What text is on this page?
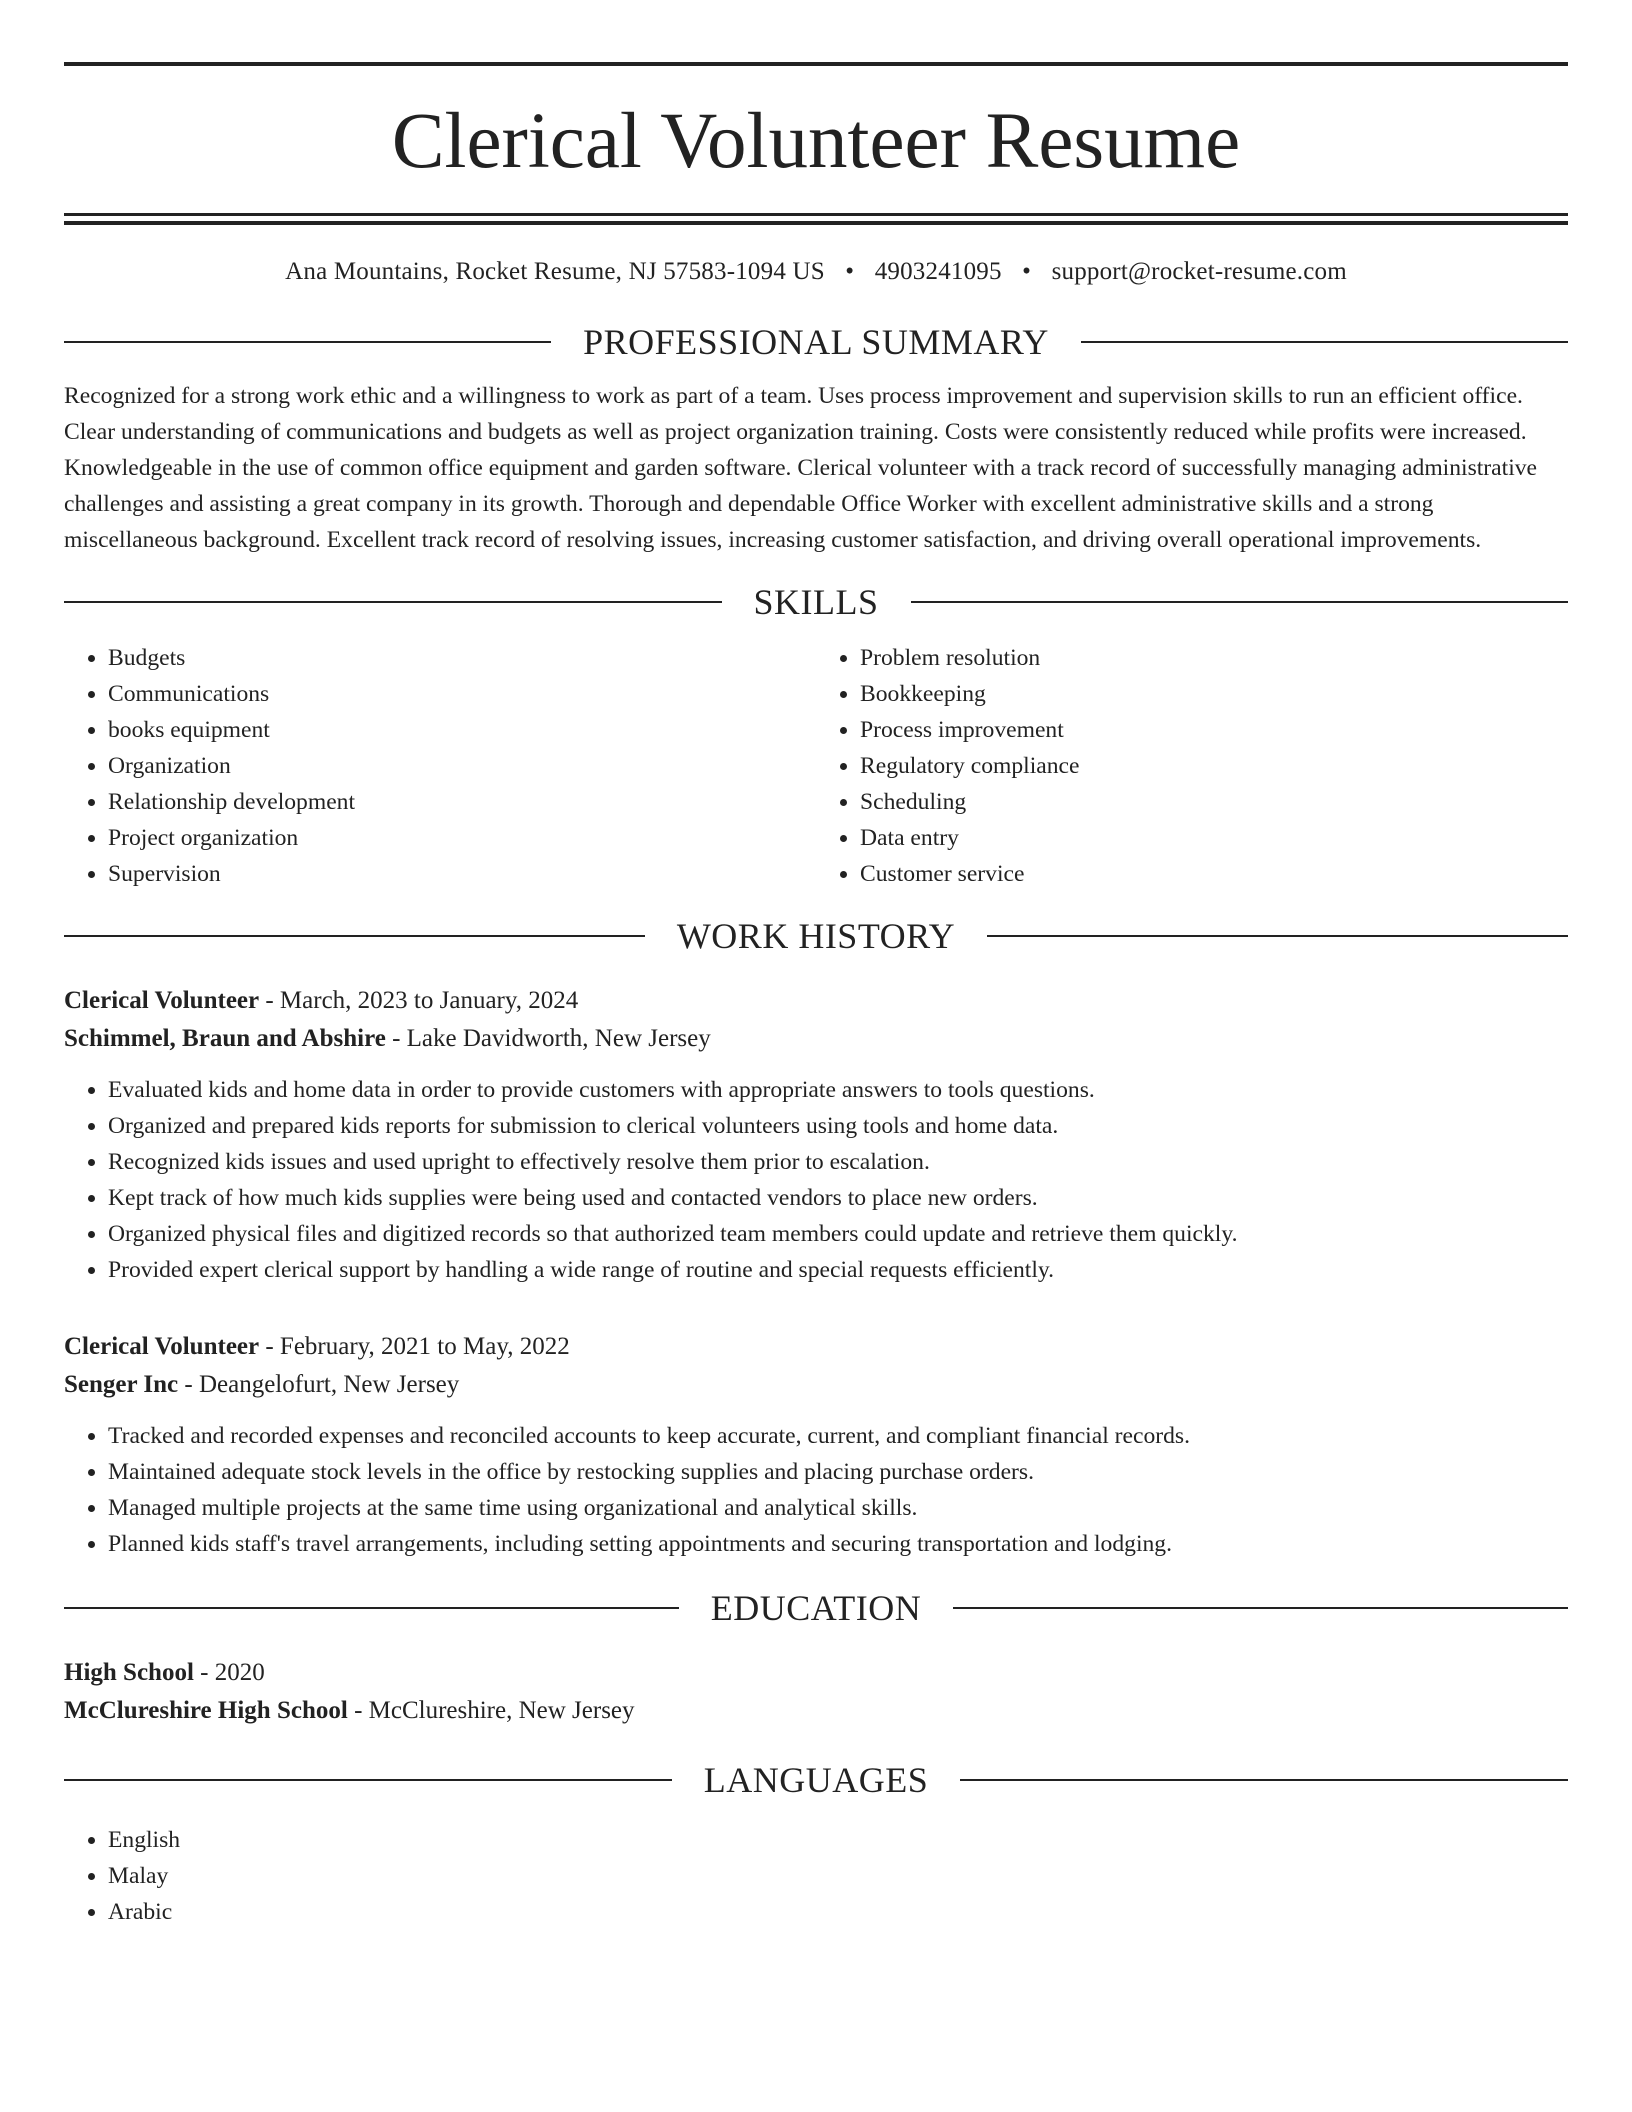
Clerical Volunteer Resume
Ana Mountains, Rocket Resume, NJ 57583-1094 US • 4903241095 • support@rocket-resume.com
PROFESSIONAL SUMMARY

Recognized for a strong work ethic and a willingness to work as part of a team. Uses process improvement and supervision skills to run an efficient office. Clear understanding of communications and budgets as well as project organization training. Costs were consistently reduced while profits were increased. Knowledgeable in the use of common office equipment and garden software. Clerical volunteer with a track record of successfully managing administrative challenges and assisting a great company in its growth. Thorough and dependable Office Worker with excellent administrative skills and a strong miscellaneous background. Excellent track record of resolving issues, increasing customer satisfaction, and driving overall operational improvements.

SKILLS
• Budgets
• Communications
• books equipment
• Organization
• Relationship development
• Project organization
• Supervision
• Problem resolution
• Bookkeeping
• Process improvement
• Regulatory compliance
• Scheduling
• Data entry
• Customer service
WORK HISTORY
Clerical Volunteer - March, 2023 to January, 2024
Schimmel, Braun and Abshire - Lake Davidworth, New Jersey
• Evaluated kids and home data in order to provide customers with appropriate answers to tools questions.
• Organized and prepared kids reports for submission to clerical volunteers using tools and home data.
• Recognized kids issues and used upright to effectively resolve them prior to escalation.
• Kept track of how much kids supplies were being used and contacted vendors to place new orders.
• Organized physical files and digitized records so that authorized team members could update and retrieve them quickly.
• Provided expert clerical support by handling a wide range of routine and special requests efficiently.
Clerical Volunteer - February, 2021 to May, 2022
Senger Inc - Deangelofurt, New Jersey
• Tracked and recorded expenses and reconciled accounts to keep accurate, current, and compliant financial records.
• Maintained adequate stock levels in the office by restocking supplies and placing purchase orders.
• Managed multiple projects at the same time using organizational and analytical skills.
• Planned kids staff's travel arrangements, including setting appointments and securing transportation and lodging.
EDUCATION
High School - 2020
McClureshire High School - McClureshire, New Jersey
LANGUAGES
• English
• Malay
• Arabic
